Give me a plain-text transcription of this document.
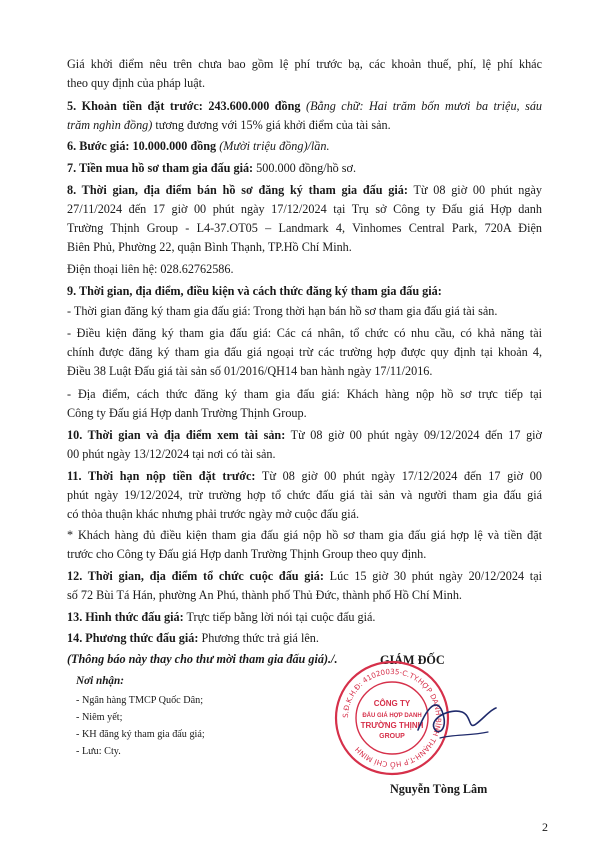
Giá khởi điểm nêu trên chưa bao gồm lệ phí trước bạ, các khoản thuế, phí, lệ phí khác
theo quy định của pháp luật.
5. Khoản tiền đặt trước: 243.600.000 đồng (Bằng chữ: Hai trăm bốn mươi ba triệu, sáu
trăm nghìn đồng) tương đương với 15% giá khởi điểm của tài sản.
6. Bước giá: 10.000.000 đồng (Mười triệu đồng)/lần.
7. Tiền mua hồ sơ tham gia đấu giá: 500.000 đồng/hồ sơ.
8. Thời gian, địa điểm bán hồ sơ đăng ký tham gia đấu giá: Từ 08 giờ 00 phút ngày
27/11/2024 đến 17 giờ 00 phút ngày 17/12/2024 tại Trụ sở Công ty Đấu giá Hợp danh
Trường Thịnh Group - L4-37.OT05 – Landmark 4, Vinhomes Central Park, 720A Điện
Biên Phủ, Phường 22, quận Bình Thạnh, TP.Hồ Chí Minh.
Điện thoại liên hệ: 028.62762586.
9. Thời gian, địa điểm, điều kiện và cách thức đăng ký tham gia đấu giá:
- Thời gian đăng ký tham gia đấu giá: Trong thời hạn bán hồ sơ tham gia đấu giá tài sản.
- Điều kiện đăng ký tham gia đấu giá: Các cá nhân, tổ chức có nhu cầu, có khả năng tài
chính được đăng ký tham gia đấu giá ngoại trừ các trường hợp được quy định tại khoản 4,
Điều 38 Luật Đấu giá tài sản số 01/2016/QH14 ban hành ngày 17/11/2016.
- Địa điểm, cách thức đăng ký tham gia đấu giá: Khách hàng nộp hồ sơ trực tiếp tại
Công ty Đấu giá Hợp danh Trường Thịnh Group.
10. Thời gian và địa điểm xem tài sản: Từ 08 giờ 00 phút ngày 09/12/2024 đến 17 giờ
00 phút ngày 13/12/2024 tại nơi có tài sản.
11. Thời hạn nộp tiền đặt trước: Từ 08 giờ 00 phút ngày 17/12/2024 đến 17 giờ 00
phút ngày 19/12/2024, trừ trường hợp tổ chức đấu giá tài sản và người tham gia đấu giá
có thỏa thuận khác nhưng phải trước ngày mở cuộc đấu giá.
* Khách hàng đủ điều kiện tham gia đấu giá nộp hồ sơ tham gia đấu giá hợp lệ và tiền đặt
trước cho Công ty Đấu giá Hợp danh Trường Thịnh Group theo quy định.
12. Thời gian, địa điểm tổ chức cuộc đấu giá: Lúc 15 giờ 30 phút ngày 20/12/2024 tại
số 72 Bùi Tá Hán, phường An Phú, thành phố Thủ Đức, thành phố Hồ Chí Minh.
13. Hình thức đấu giá: Trực tiếp bằng lời nói tại cuộc đấu giá.
14. Phương thức đấu giá: Phương thức trả giá lên.
(Thông báo này thay cho thư mời tham gia đấu giá)./.
Nơi nhận:
- Ngân hàng TMCP Quốc Dân;
- Niêm yết;
- KH đăng ký tham gia đấu giá;
- Lưu: Cty.
GIÁM ĐỐC
S.Đ.K.H.Đ: 41020035-C.TY.HỢP DANH·BÌNH THẠNH-T.P HỒ CHÍ MINH
CÔNG TY
ĐẤU GIÁ HỢP DANH
TRƯỜNG THỊNH
GROUP
Nguyễn Tòng Lâm
2
